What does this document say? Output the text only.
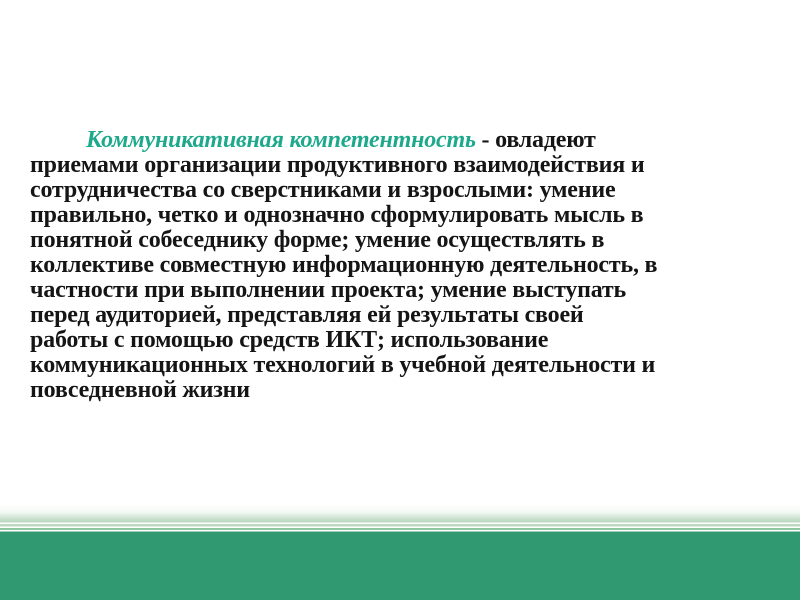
Коммуникативная компетентность - овладеют
приемами организации продуктивного взаимодействия и
сотрудничества со сверстниками и взрослыми: умение
правильно, четко и однозначно сформулировать мысль в
понятной собеседнику форме; умение осуществлять в
коллективе совместную информационную деятельность, в
частности при выполнении проекта; умение выступать
перед аудиторией, представляя ей результаты своей
работы с помощью средств ИКТ; использование
коммуникационных технологий в учебной деятельности и
повседневной жизни
